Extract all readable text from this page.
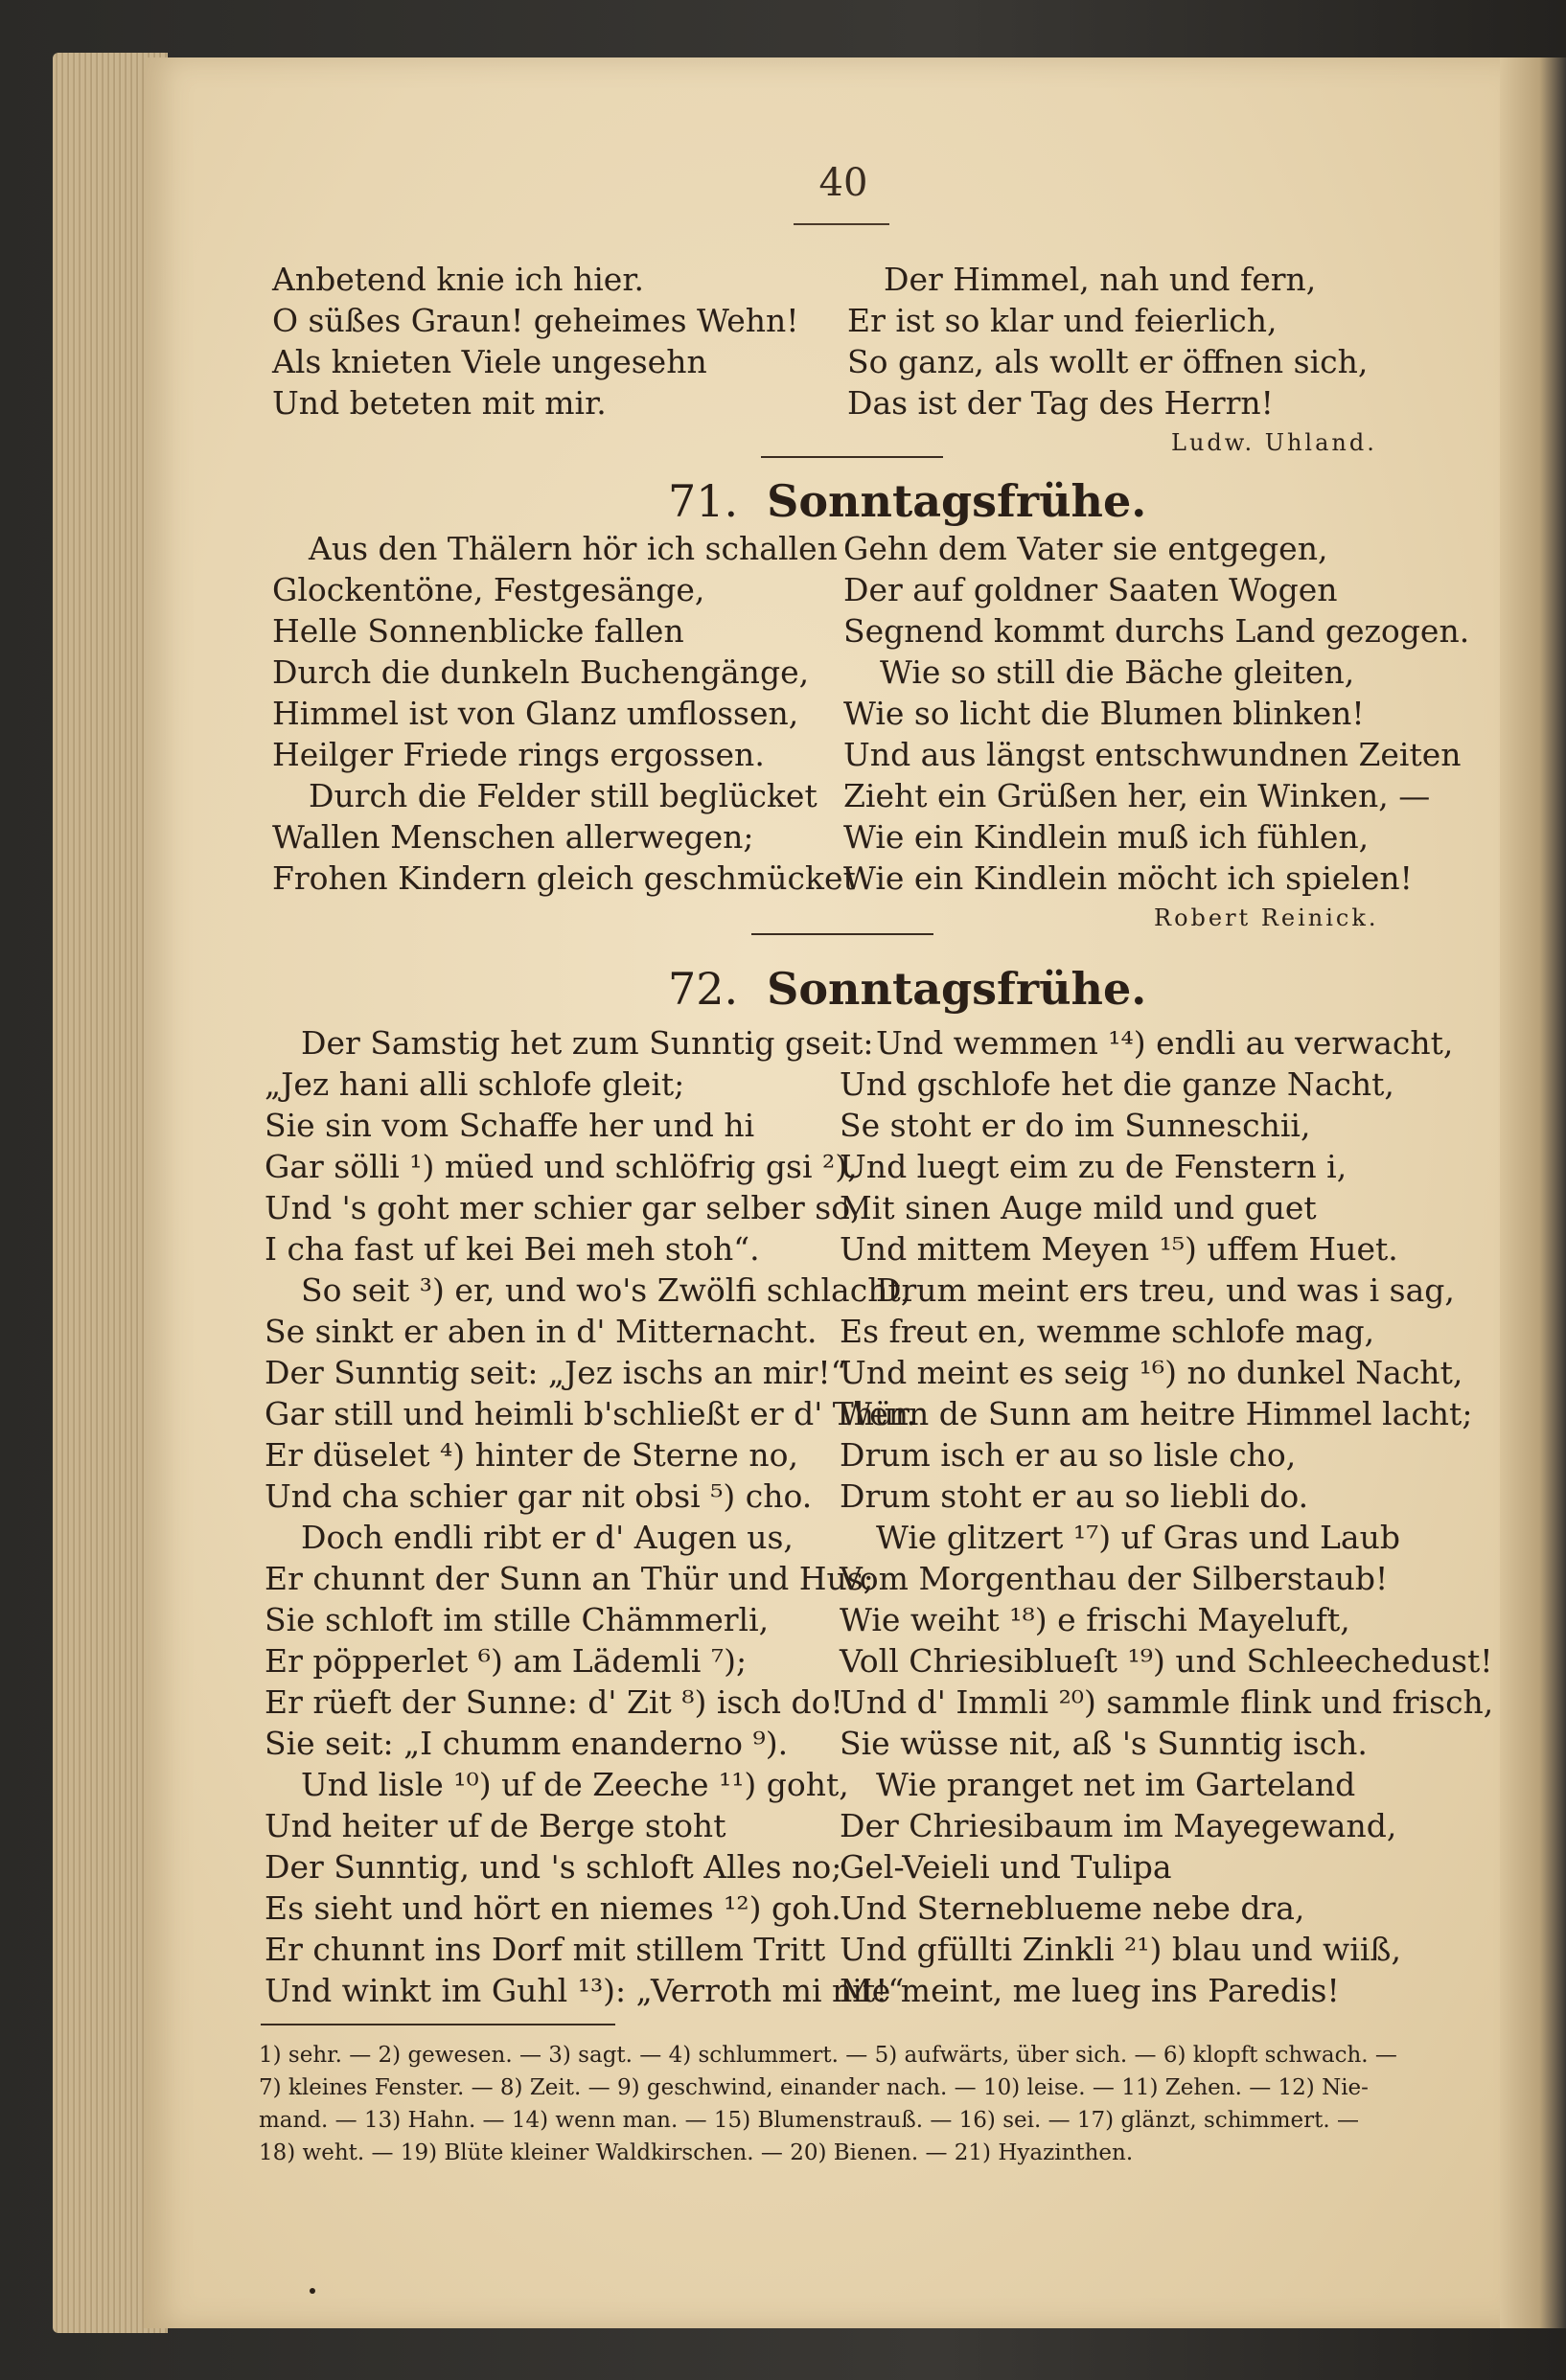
40
Anbetend knie ich hier.
O süßes Graun! geheimes Wehn!
Als knieten Viele ungesehn
Und beteten mit mir.
Der Himmel, nah und fern,
Er ist so klar und feierlich,
So ganz, als wollt er öffnen sich,
Das ist der Tag des Herrn!
Ludw. Uhland.
71. Sonntagsfrühe.
Aus den Thälern hör ich schallen
Glockentöne, Festgesänge,
Helle Sonnenblicke fallen
Durch die dunkeln Buchengänge,
Himmel ist von Glanz umflossen,
Heilger Friede rings ergossen.
Durch die Felder still beglücket
Wallen Menschen allerwegen;
Frohen Kindern gleich geschmücket
Gehn dem Vater sie entgegen,
Der auf goldner Saaten Wogen
Segnend kommt durchs Land gezogen.
Wie so still die Bäche gleiten,
Wie so licht die Blumen blinken!
Und aus längst entschwundnen Zeiten
Zieht ein Grüßen her, ein Winken, —
Wie ein Kindlein muß ich fühlen,
Wie ein Kindlein möcht ich spielen!
Robert Reinick.
72. Sonntagsfrühe.
Der Samstig het zum Sunntig gseit:
„Jez hani alli schlofe gleit;
Sie sin vom Schaffe her und hi
Gar sölli ¹) müed und schlöfrig gsi ²),
Und 's goht mer schier gar selber so,
I cha fast uf kei Bei meh stoh“.
So seit ³) er, und wo's Zwölfi schlacht,
Se sinkt er aben in d' Mitternacht.
Der Sunntig seit: „Jez ischs an mir!“
Gar still und heimli b'schließt er d' Thür.
Er düselet ⁴) hinter de Sterne no,
Und cha schier gar nit obsi ⁵) cho.
Doch endli ribt er d' Augen us,
Er chunnt der Sunn an Thür und Hus;
Sie schloft im stille Chämmerli,
Er pöpperlet ⁶) am Lädemli ⁷);
Er rüeft der Sunne: d' Zit ⁸) isch do!
Sie seit: „I chumm enanderno ⁹).
Und lisle ¹⁰) uf de Zeeche ¹¹) goht,
Und heiter uf de Berge stoht
Der Sunntig, und 's schloft Alles no;
Es sieht und hört en niemes ¹²) goh.
Er chunnt ins Dorf mit stillem Tritt
Und winkt im Guhl ¹³): „Verroth mi nit!“
Und wemmen ¹⁴) endli au verwacht,
Und gschlofe het die ganze Nacht,
Se stoht er do im Sunneschii,
Und luegt eim zu de Fenstern i,
Mit sinen Auge mild und guet
Und mittem Meyen ¹⁵) uffem Huet.
Drum meint ers treu, und was i sag,
Es freut en, wemme schlofe mag,
Und meint es seig ¹⁶) no dunkel Nacht,
Wenn de Sunn am heitre Himmel lacht;
Drum isch er au so lisle cho,
Drum stoht er au so liebli do.
Wie glitzert ¹⁷) uf Gras und Laub
Vom Morgenthau der Silberstaub!
Wie weiht ¹⁸) e frischi Mayeluft,
Voll Chriesiblueſt ¹⁹) und Schleechedust!
Und d' Immli ²⁰) sammle flink und frisch,
Sie wüsse nit, aß 's Sunntig isch.
Wie pranget net im Garteland
Der Chriesibaum im Mayegewand,
Gel-Veieli und Tulipa
Und Sterneblueme nebe dra,
Und gfüllti Zinkli ²¹) blau und wiiß,
Me meint, me lueg ins Paredis!
1) sehr. — 2) gewesen. — 3) sagt. — 4) schlummert. — 5) aufwärts, über sich. — 6) klopft schwach. —
7) kleines Fenster. — 8) Zeit. — 9) geschwind, einander nach. — 10) leise. — 11) Zehen. — 12) Nie-
mand. — 13) Hahn. — 14) wenn man. — 15) Blumenstrauß. — 16) sei. — 17) glänzt, schimmert. —
18) weht. — 19) Blüte kleiner Waldkirschen. — 20) Bienen. — 21) Hyazinthen.
